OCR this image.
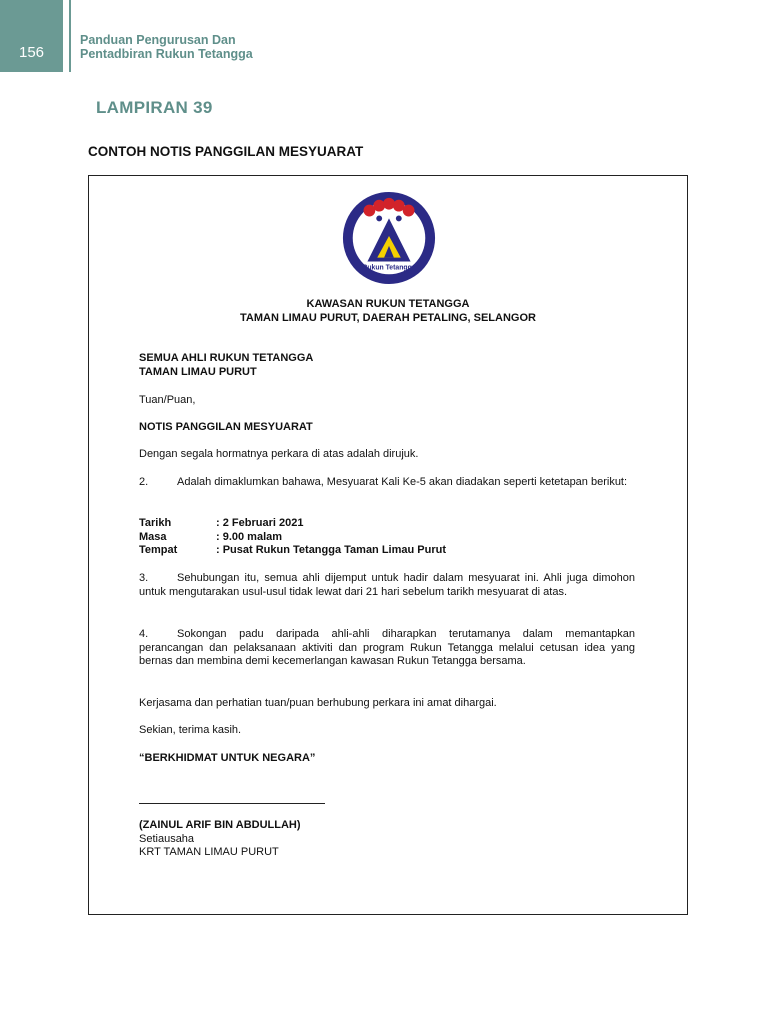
156
Panduan Pengurusan Dan
Pentadbiran Rukun Tetangga
LAMPIRAN 39
CONTOH NOTIS PANGGILAN MESYUARAT
Rukun Tetangga
KAWASAN RUKUN TETANGGA
TAMAN LIMAU PURUT, DAERAH PETALING, SELANGOR
SEMUA AHLI RUKUN TETANGGA
TAMAN LIMAU PURUT
Tuan/Puan,
NOTIS PANGGILAN MESYUARAT
Dengan segala hormatnya perkara di atas adalah dirujuk.
2.	Adalah dimaklumkan bahawa, Mesyuarat Kali Ke-5 akan diadakan seperti ketetapan berikut:
Tarikh	: 2 Februari 2021
Masa	: 9.00 malam
Tempat	: Pusat Rukun Tetangga Taman Limau Purut
3.	Sehubungan itu, semua ahli dijemput untuk hadir dalam mesyuarat ini. Ahli juga dimohon untuk mengutarakan usul-usul tidak lewat dari 21 hari sebelum tarikh mesyuarat di atas.
4.	Sokongan padu daripada ahli-ahli diharapkan terutamanya dalam memantapkan perancangan dan pelaksanaan aktiviti dan program Rukun Tetangga melalui cetusan idea yang bernas dan membina demi kecemerlangan kawasan Rukun Tetangga bersama.
Kerjasama dan perhatian tuan/puan berhubung perkara ini amat dihargai.
Sekian, terima kasih.
“BERKHIDMAT UNTUK NEGARA”
(ZAINUL ARIF BIN ABDULLAH)
Setiausaha
KRT TAMAN LIMAU PURUT
